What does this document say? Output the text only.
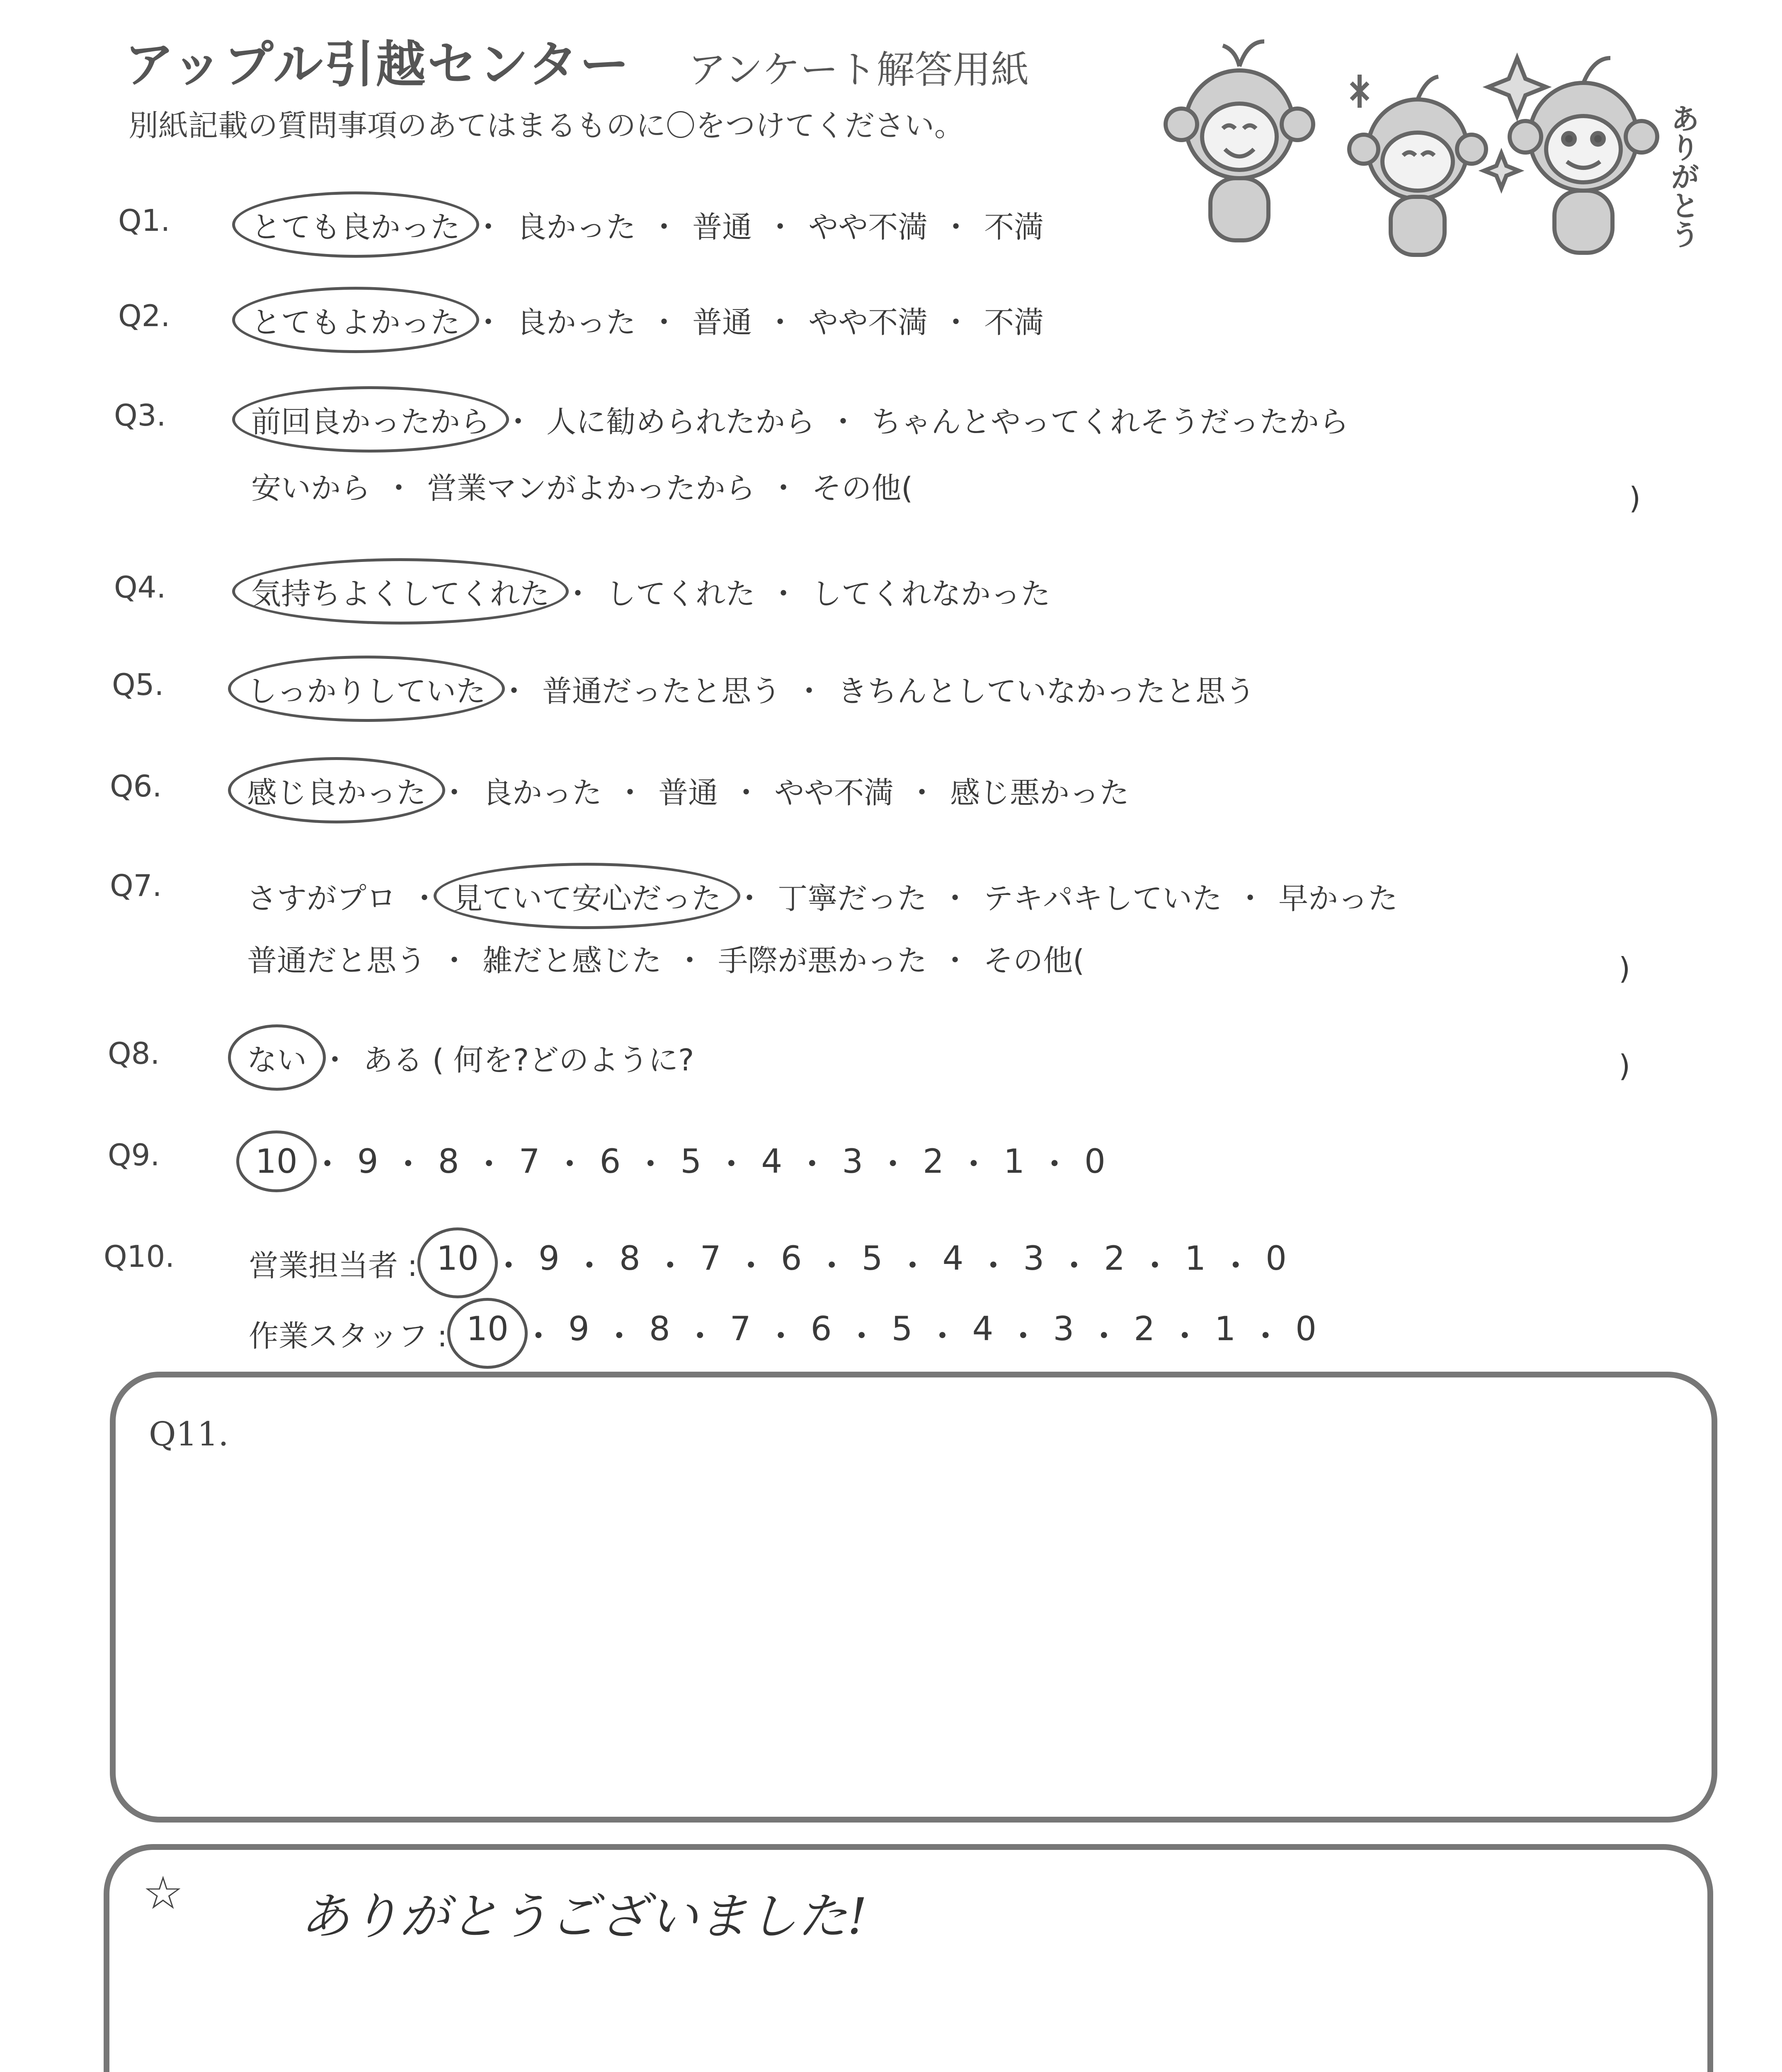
アップル引越センター アンケート解答用紙
別紙記載の質問事項のあてはまるものに〇をつけてください。	ありがとう
Q1.	とても良かった ・ 良かった ・ 普通 ・ やや不満 ・ 不満
Q2.	とてもよかった ・ 良かった ・ 普通 ・ やや不満 ・ 不満
Q3.	前回良かったから ・ 人に勧められたから ・ ちゃんとやってくれそうだったから
安いから ・ 営業マンがよかったから ・ その他(	)
Q4.	気持ちよくしてくれた ・ してくれた ・ してくれなかった
Q5.	しっかりしていた ・ 普通だったと思う ・ きちんとしていなかったと思う
Q6.	感じ良かった ・ 良かった ・ 普通 ・ やや不満 ・ 感じ悪かった
Q7.	さすがプロ ・ 見ていて安心だった ・ 丁寧だった ・ テキパキしていた ・ 早かった
普通だと思う ・ 雑だと感じた ・ 手際が悪かった ・ その他(	)
Q8.	ない ・ ある ( 何を?どのように?	)
Q9.	10 ・ 9 ・ 8 ・ 7 ・ 6 ・ 5 ・ 4 ・ 3 ・ 2 ・ 1 ・ 0
Q10. 営業担当者 : 10 ・ 9 ・ 8 ・ 7 ・ 6 ・ 5 ・ 4 ・ 3 ・ 2 ・ 1 ・ 0
作業スタッフ : 10 ・ 9 ・ 8 ・ 7 ・ 6 ・ 5 ・ 4 ・ 3 ・ 2 ・ 1 ・ 0
Q11.
☆ ありがとうございました!
